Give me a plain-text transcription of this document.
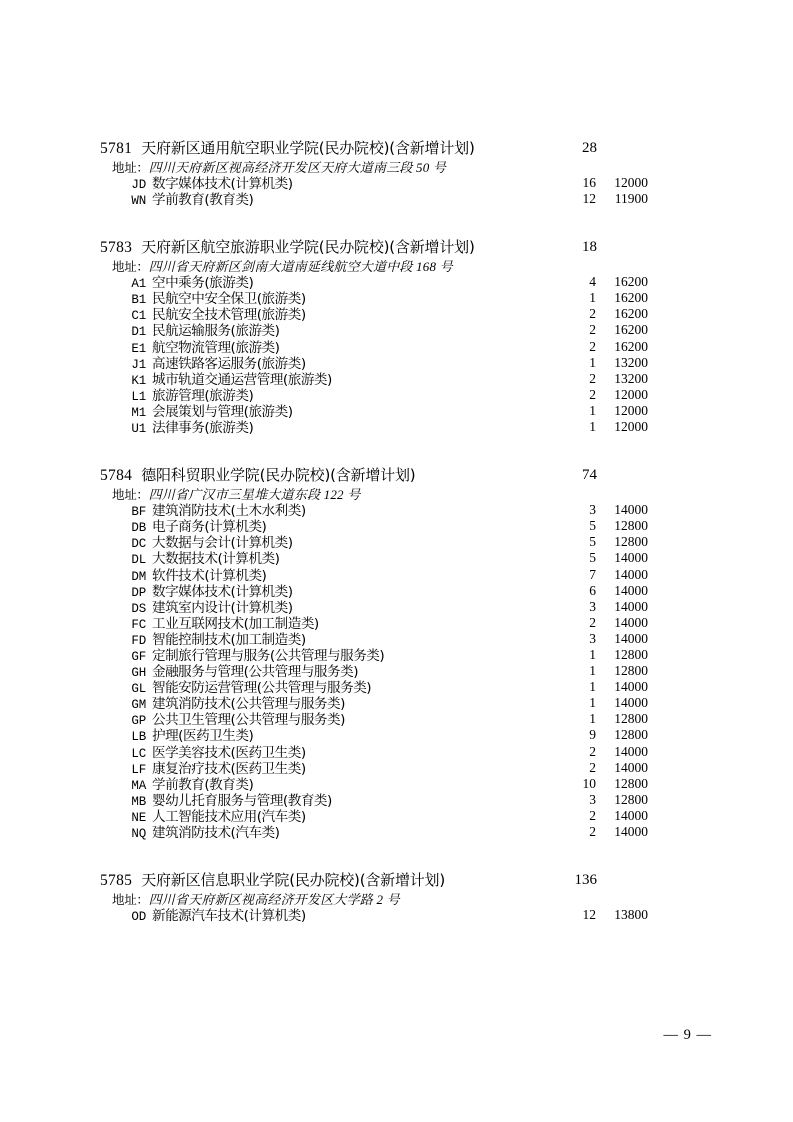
5781 天府新区通用航空职业学院(民办院校)(含新增计划)	28
地址：四川天府新区视高经济开发区天府大道南三段 50 号
JD 数字媒体技术(计算机类)	16	12000
WN 学前教育(教育类)	12	11900
5783 天府新区航空旅游职业学院(民办院校)(含新增计划)	18
地址：四川省天府新区剑南大道南延线航空大道中段 168 号
A1 空中乘务(旅游类)	4	16200
B1 民航空中安全保卫(旅游类)	1	16200
C1 民航安全技术管理(旅游类)	2	16200
D1 民航运输服务(旅游类)	2	16200
E1 航空物流管理(旅游类)	2	16200
J1 高速铁路客运服务(旅游类)	1	13200
K1 城市轨道交通运营管理(旅游类)	2	13200
L1 旅游管理(旅游类)	2	12000
M1 会展策划与管理(旅游类)	1	12000
U1 法律事务(旅游类)	1	12000
5784 德阳科贸职业学院(民办院校)(含新增计划)	74
地址：四川省广汉市三星堆大道东段 122 号
BF 建筑消防技术(土木水利类)	3	14000
DB 电子商务(计算机类)	5	12800
DC 大数据与会计(计算机类)	5	12800
DL 大数据技术(计算机类)	5	14000
DM 软件技术(计算机类)	7	14000
DP 数字媒体技术(计算机类)	6	14000
DS 建筑室内设计(计算机类)	3	14000
FC 工业互联网技术(加工制造类)	2	14000
FD 智能控制技术(加工制造类)	3	14000
GF 定制旅行管理与服务(公共管理与服务类)	1	12800
GH 金融服务与管理(公共管理与服务类)	1	12800
GL 智能安防运营管理(公共管理与服务类)	1	14000
GM 建筑消防技术(公共管理与服务类)	1	14000
GP 公共卫生管理(公共管理与服务类)	1	12800
LB 护理(医药卫生类)	9	12800
LC 医学美容技术(医药卫生类)	2	14000
LF 康复治疗技术(医药卫生类)	2	14000
MA 学前教育(教育类)	10	12800
MB 婴幼儿托育服务与管理(教育类)	3	12800
NE 人工智能技术应用(汽车类)	2	14000
NQ 建筑消防技术(汽车类)	2	14000
5785 天府新区信息职业学院(民办院校)(含新增计划)	136
地址：四川省天府新区视高经济开发区大学路 2 号
OD 新能源汽车技术(计算机类)	12	13800
— 9 —
